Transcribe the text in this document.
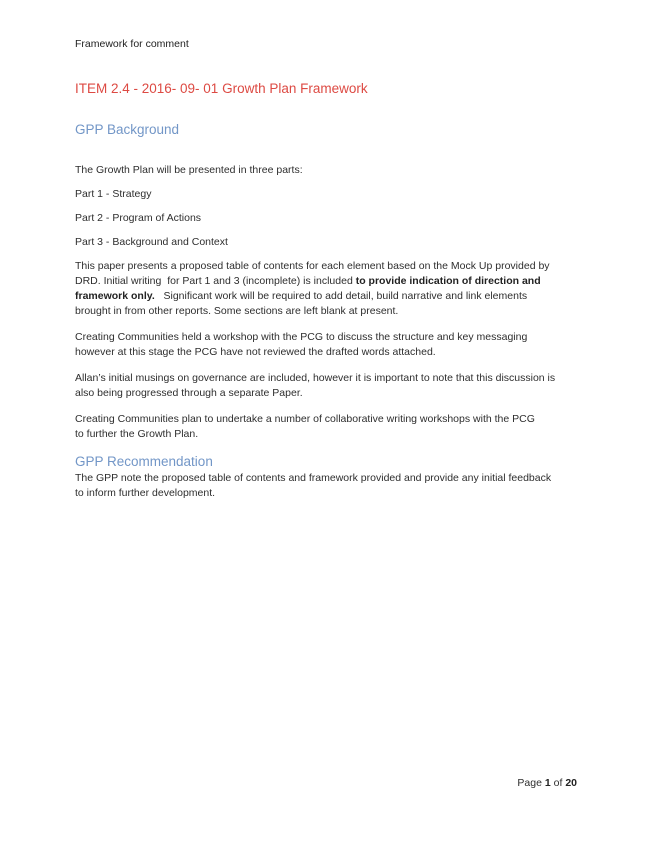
Framework for comment
ITEM 2.4 - 2016- 09- 01 Growth Plan Framework
GPP Background

The Growth Plan will be presented in three parts:

Part 1 - Strategy

Part 2 - Program of Actions

Part 3 - Background and Context

This paper presents a proposed table of contents for each element based on the Mock Up provided by
DRD. Initial writing  for Part 1 and 3 (incomplete) is included to provide indication of direction and
framework only.   Significant work will be required to add detail, build narrative and link elements
brought in from other reports. Some sections are left blank at present.

Creating Communities held a workshop with the PCG to discuss the structure and key messaging
however at this stage the PCG have not reviewed the drafted words attached.

Allan’s initial musings on governance are included, however it is important to note that this discussion is
also being progressed through a separate Paper.

Creating Communities plan to undertake a number of collaborative writing workshops with the PCG
to further the Growth Plan.

GPP Recommendation

The GPP note the proposed table of contents and framework provided and provide any initial feedback
to inform further development.

Page 1 of 20
